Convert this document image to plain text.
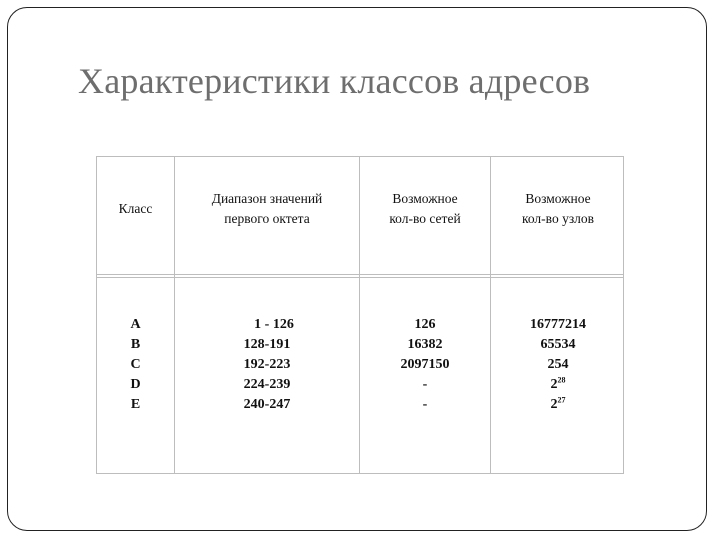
Характеристики классов адресов
Класс
Диапазон значений
первого октета
Возможное
кол-во сетей
Возможное
кол-во узлов
A
B
C
D
E
1 - 126
128-191
192-223
224-239
240-247
126
16382
2097150
-
-
16777214
65534
254
$2^{28}$
$2^{27}$
